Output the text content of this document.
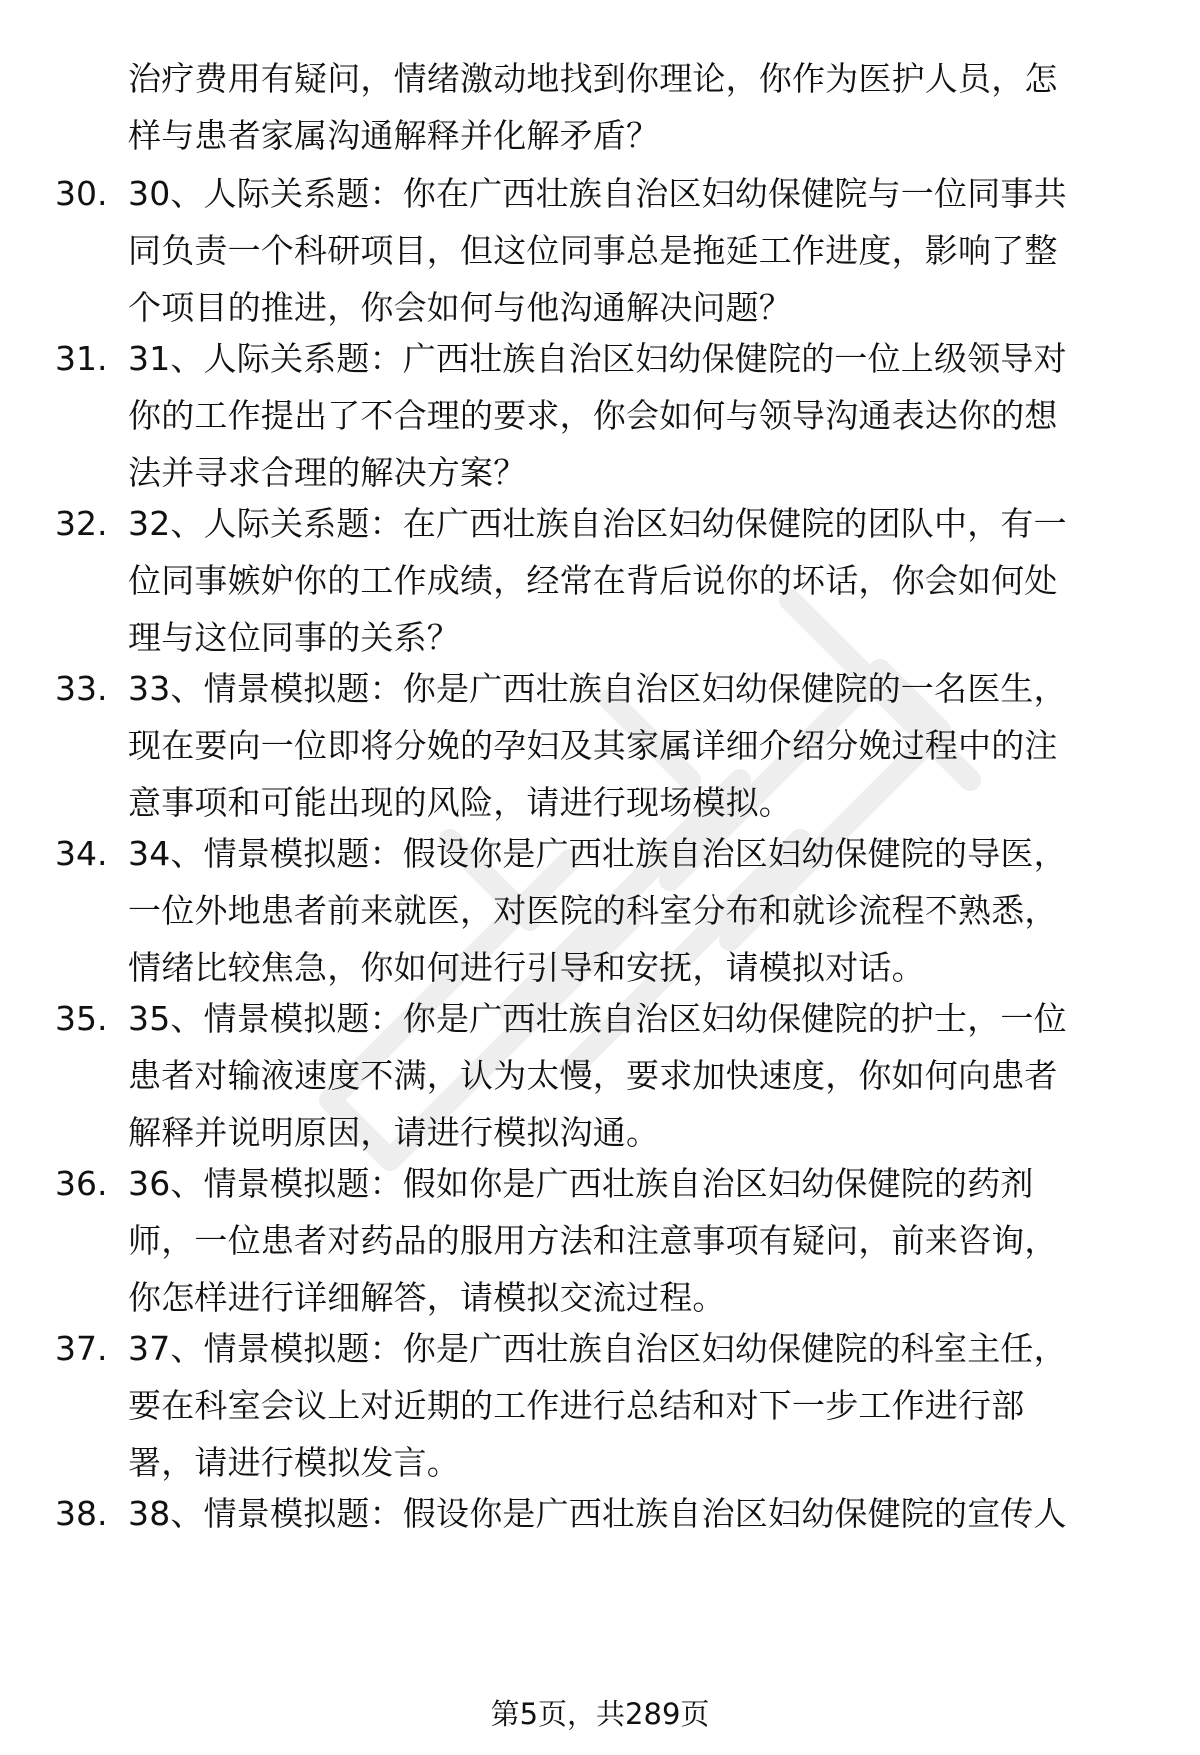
治疗费用有疑问，情绪激动地找到你理论，你作为医护人员，怎
样与患者家属沟通解释并化解矛盾？
30. 30、人际关系题：你在广西壮族自治区妇幼保健院与一位同事共
同负责一个科研项目，但这位同事总是拖延工作进度，影响了整
个项目的推进，你会如何与他沟通解决问题？
31. 31、人际关系题：广西壮族自治区妇幼保健院的一位上级领导对
你的工作提出了不合理的要求，你会如何与领导沟通表达你的想
法并寻求合理的解决方案？
32. 32、人际关系题：在广西壮族自治区妇幼保健院的团队中，有一
位同事嫉妒你的工作成绩，经常在背后说你的坏话，你会如何处
理与这位同事的关系？
33. 33、情景模拟题：你是广西壮族自治区妇幼保健院的一名医生，
现在要向一位即将分娩的孕妇及其家属详细介绍分娩过程中的注
意事项和可能出现的风险，请进行现场模拟。
34. 34、情景模拟题：假设你是广西壮族自治区妇幼保健院的导医，
一位外地患者前来就医，对医院的科室分布和就诊流程不熟悉，
情绪比较焦急，你如何进行引导和安抚，请模拟对话。
35. 35、情景模拟题：你是广西壮族自治区妇幼保健院的护士，一位
患者对输液速度不满，认为太慢，要求加快速度，你如何向患者
解释并说明原因，请进行模拟沟通。
36. 36、情景模拟题：假如你是广西壮族自治区妇幼保健院的药剂
师，一位患者对药品的服用方法和注意事项有疑问，前来咨询，
你怎样进行详细解答，请模拟交流过程。
37. 37、情景模拟题：你是广西壮族自治区妇幼保健院的科室主任，
要在科室会议上对近期的工作进行总结和对下一步工作进行部
署，请进行模拟发言。
38. 38、情景模拟题：假设你是广西壮族自治区妇幼保健院的宣传人
第5页，共289页
